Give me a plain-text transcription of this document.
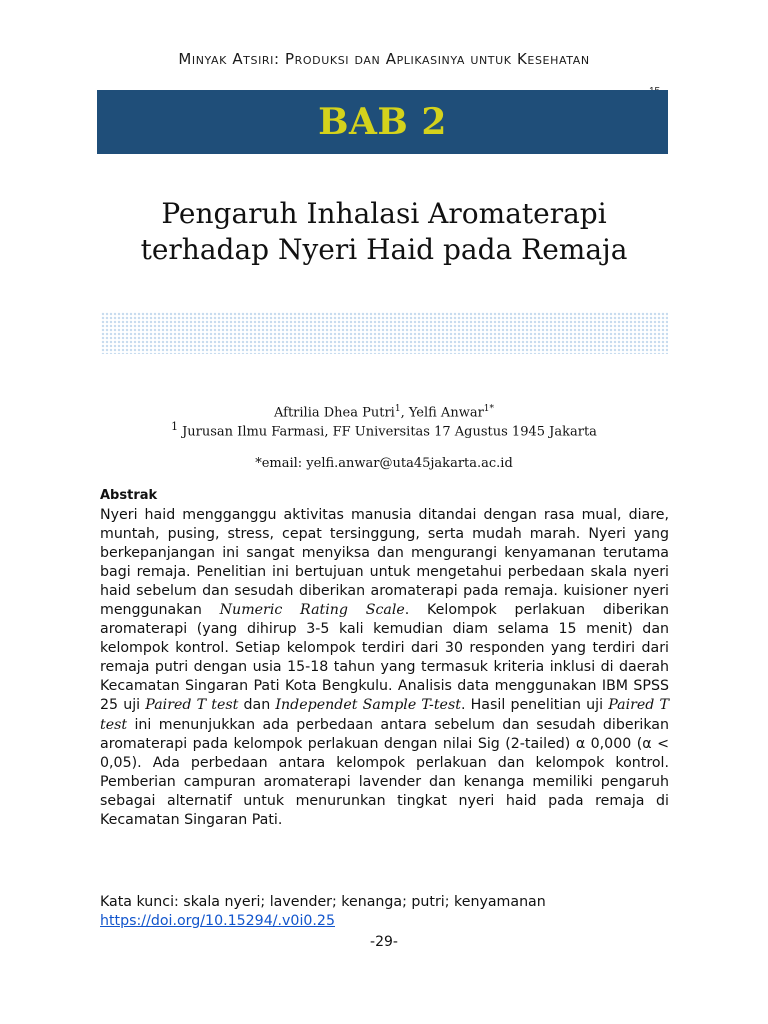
Minyak Atsiri: Produksi dan Aplikasinya untuk Kesehatan
BAB 2
Pengaruh Inhalasi Aromaterapi
terhadap Nyeri Haid pada Remaja
Aftrilia Dhea Putri$^1$, Yelfi Anwar$^{1*}$
$^1$ Jurusan Ilmu Farmasi, FF Universitas 17 Agustus 1945 Jakarta
*email: yelfi.anwar@uta45jakarta.ac.id
Abstrak
Nyeri haid mengganggu aktivitas manusia ditandai dengan rasa mual, diare, muntah, pusing, stress, cepat tersinggung, serta mudah marah. Nyeri yang berkepanjangan ini sangat menyiksa dan mengurangi kenyamanan terutama bagi remaja. Penelitian ini bertujuan untuk mengetahui perbedaan skala nyeri haid sebelum dan sesudah diberikan aromaterapi pada remaja. kuisioner nyeri menggunakan Numeric Rating Scale. Kelompok perlakuan diberikan aromaterapi (yang dihirup 3-5 kali kemudian diam selama 15 menit) dan kelompok kontrol. Setiap kelompok terdiri dari 30 responden yang terdiri dari remaja putri dengan usia 15-18 tahun yang termasuk kriteria inklusi di daerah Kecamatan Singaran Pati Kota Bengkulu. Analisis data menggunakan IBM SPSS 25 uji Paired T test dan Independet Sample T-test. Hasil penelitian uji Paired T test ini menunjukkan ada perbedaan antara sebelum dan sesudah diberikan aromaterapi pada kelompok perlakuan dengan nilai Sig (2-tailed) α 0,000 (α < 0,05). Ada perbedaan antara kelompok perlakuan dan kelompok kontrol. Pemberian campuran aromaterapi lavender dan kenanga memiliki pengaruh sebagai alternatif untuk menurunkan tingkat nyeri haid pada remaja di Kecamatan Singaran Pati.
Kata kunci: skala nyeri; lavender; kenanga; putri; kenyamanan
https://doi.org/10.15294/.v0i0.25
-29-
